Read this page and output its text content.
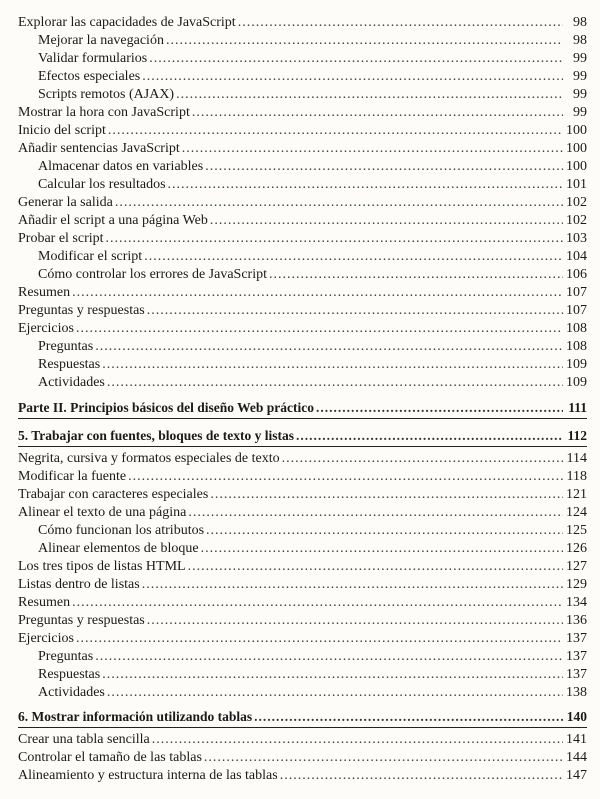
Explorar las capacidades de JavaScript .....	98
Mejorar la navegación .....	98
Validar formularios .....	99
Efectos especiales .....	99
Scripts remotos (AJAX) .....	99
Mostrar la hora con JavaScript .....	99
Inicio del script .....	100
Añadir sentencias JavaScript .....	100
Almacenar datos en variables .....	100
Calcular los resultados .....	101
Generar la salida .....	102
Añadir el script a una página Web .....	102
Probar el script .....	103
Modificar el script .....	104
Cómo controlar los errores de JavaScript .....	106
Resumen .....	107
Preguntas y respuestas .....	107
Ejercicios .....	108
Preguntas .....	108
Respuestas .....	109
Actividades .....	109
Parte II. Principios básicos del diseño Web práctico .....	111
5. Trabajar con fuentes, bloques de texto y listas .....	112
Negrita, cursiva y formatos especiales de texto .....	114
Modificar la fuente .....	118
Trabajar con caracteres especiales .....	121
Alinear el texto de una página .....	124
Cómo funcionan los atributos .....	125
Alinear elementos de bloque .....	126
Los tres tipos de listas HTML .....	127
Listas dentro de listas .....	129
Resumen .....	134
Preguntas y respuestas .....	136
Ejercicios .....	137
Preguntas .....	137
Respuestas .....	137
Actividades .....	138
6. Mostrar información utilizando tablas .....	140
Crear una tabla sencilla .....	141
Controlar el tamaño de las tablas .....	144
Alineamiento y estructura interna de las tablas .....	147
